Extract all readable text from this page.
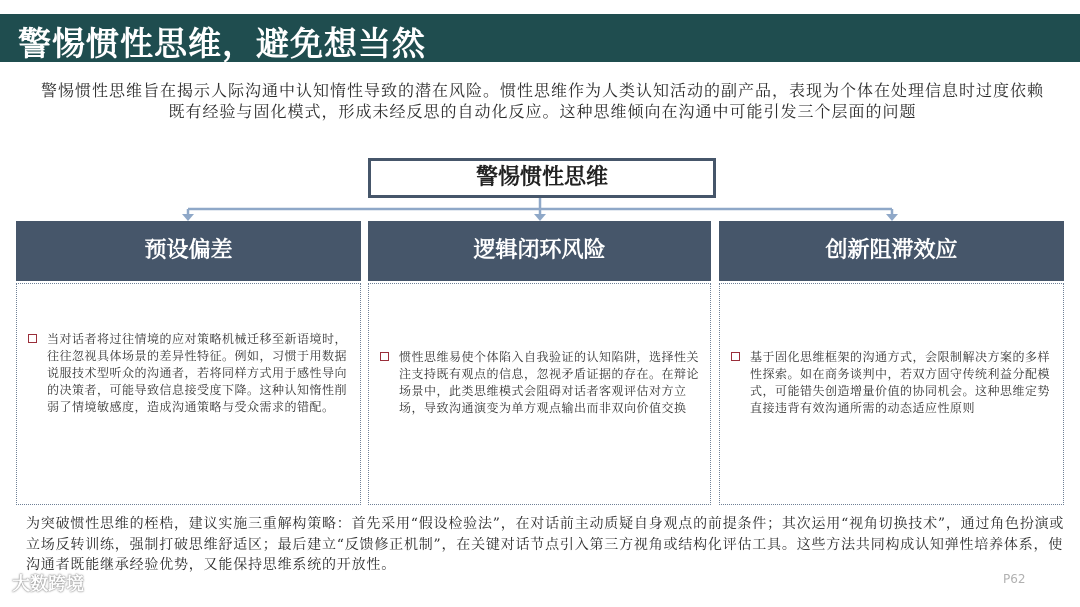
警惕惯性思维，避免想当然
警惕惯性思维旨在揭示人际沟通中认知惰性导致的潜在风险。惯性思维作为人类认知活动的副产品，表现为个体在处理信息时过度依赖既有经验与固化模式，形成未经反思的自动化反应。这种思维倾向在沟通中可能引发三个层面的问题
警惕惯性思维
预设偏差
当对话者将过往情境的应对策略机械迁移至新语境时，往往忽视具体场景的差异性特征。例如，习惯于用数据说服技术型听众的沟通者，若将同样方式用于感性导向的决策者，可能导致信息接受度下降。这种认知惰性削弱了情境敏感度，造成沟通策略与受众需求的错配。
逻辑闭环风险
惯性思维易使个体陷入自我验证的认知陷阱，选择性关注支持既有观点的信息，忽视矛盾证据的存在。在辩论场景中，此类思维模式会阻碍对话者客观评估对方立场，导致沟通演变为单方观点输出而非双向价值交换
创新阻滞效应
基于固化思维框架的沟通方式，会限制解决方案的多样性探索。如在商务谈判中，若双方固守传统利益分配模式，可能错失创造增量价值的协同机会。这种思维定势直接违背有效沟通所需的动态适应性原则
为突破惯性思维的桎梏，建议实施三重解构策略：首先采用“假设检验法”，在对话前主动质疑自身观点的前提条件；其次运用“视角切换技术”，通过角色扮演或立场反转训练，强制打破思维舒适区；最后建立“反馈修正机制”，在关键对话节点引入第三方视角或结构化评估工具。这些方法共同构成认知弹性培养体系，使沟通者既能继承经验优势，又能保持思维系统的开放性。
P62
大数跨境
